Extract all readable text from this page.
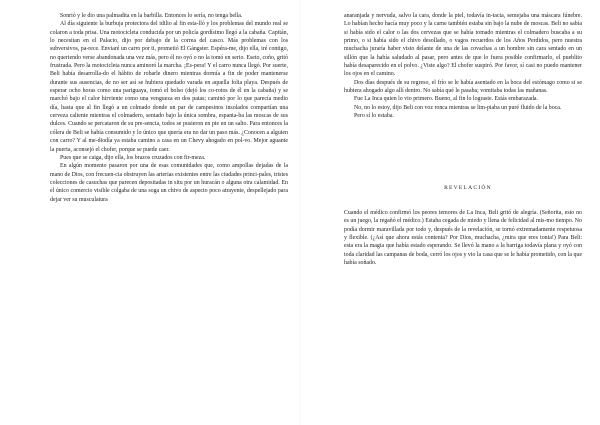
Sonrió y le dio una palmadita en la barbilla. Entonces lo sería, no tenga bella.

Al día siguiente la burbuja protectora del idilio al fin esta-lló y los problemas del mundo real se colaron a toda prisa. Una motocicleta conducida por un policía gordísimo llegó a la cabaña. Capitán, lo necesitan en el Palacio, dijo por debajo de la correa del casco. Más problemas con los subversivos, pa-rece. Enviaré un carro por ti, prometió El Gángster. Espéra-me, dijo ella, iré contigo, no queriendo verse abandonada una vez más, pero él no oyó o no la tomó en serio. Eseto, coño, gritó frustrada. Pero la motocicleta nunca aminoró la marcha. ¡Es-pera! Y el carro nunca llegó. Por suerte, Beli había desarrolla-do el hábito de robarle dinero mientras dormía a fin de poder mantenerse durante sus ausencias, de no ser así se hubiera quedado varada en aquella folia playa. Después de esperar ocho horas como una pariguaya, tomó el bolso (dejó los co-rotos de él en la cabaña) y se marchó bajo el calor hirviente como una vengueza en dos patas; caminó por lo que parecía medio día, hasta que al fin llegó a un colmado donde un par de campesinos insolados compartían una cerveza caliente mientras el colmadero, sentado bajo la única sombra, espanta-ba las moscas de sus dulces. Cuando se percataron de su pre-sencia, todos se pusieron en pie en un salto. Para entonces la cólera de Beli se había consumido y lo único que quería era no dar un paso más. ¿Conocen a alguien con carro? Y al me-diodía ya estaba camino a casa en un Chevy ahogado en pol-vo. Mejor aguante la puerta, aconsejó el chofer, porque se puede caer.

Pues que se caiga, dijo ella, los brazos cruzados con fir-meza.

En algún momento pasaron por una de esas comunidades que, como ampollas dejadas de la mano de Dios, con frecuen-cia obstruyen las arterias existentes entre las ciudades princi-pales, tristes colecciones de casuchas que parecen depositadas in situ por un huracán o alguna otra calamidad. En el único comercio visible colgaba de una soga un chivo de aspecto poco atrayente, despellejado para dejar ver su musculatura

anaranjada y nervuda, salvo la cara, donde la piel, todavía in-tacta, semejaba una máscara fúnebre. Lo habían hecho hacía muy poco y la carne también estaba sin bajo la nube de moscas. Beli no sabía si había sido el calor o las dos cervezas que se había tomado mientras el colmadero buscaba a su primo, o si había sido el chivo desollado, o vagos recuerdos de los Años Perdidos, pero nuestra muchacha juraría haber visto delante de una de las covachas a un hombre sin cara sentado en un sillón que la había saludado al pasar, pero antes de que lo fuera posible confirmarlo, el pueblito había desaparecido en el polvo. ¿Viste algo? El chofer suspiró. Por favor, sí casi no puedo mantener los ojos en el camino.

Dos días después de su regreso, el frío se le había asentado en la boca del estómago como si se hubiera ahogado algo allí dentro. No sabía qué le pasaba; vomitaba todas las mañanas.

Fue La Inca quien lo vio primero. Bueno, al fin lo lograste. Estás embarazada.

No, no lo estoy, dijo Beli con voz ronca mientras se lim-piaba un puré fluido de la boca.

Pero sí lo estaba.

REVELACIÓN

Cuando el médico confirmó los peores temores de La Inca, Beli gritó de alegría. (Señorita, esto no es un juego, la regañó el médico.) Estaba cegada de miedo y llena de felicidad al mis-mo tiempo. No podía dormir maravillada por todo y, después de la revelación, se tornó extremadamente respetuosa y flexible. (¿Así que ahora estás contenta? Por Dios, muchacha, ¿mira que eres tonta!) Para Beli: esta era la magia que había estado esperando. Se llevó la mano a la barriga todavía plana y oyó con toda claridad las campanas de boda, cerró los ojos y vio la casa que se le había prometido, con la que había soñado.
